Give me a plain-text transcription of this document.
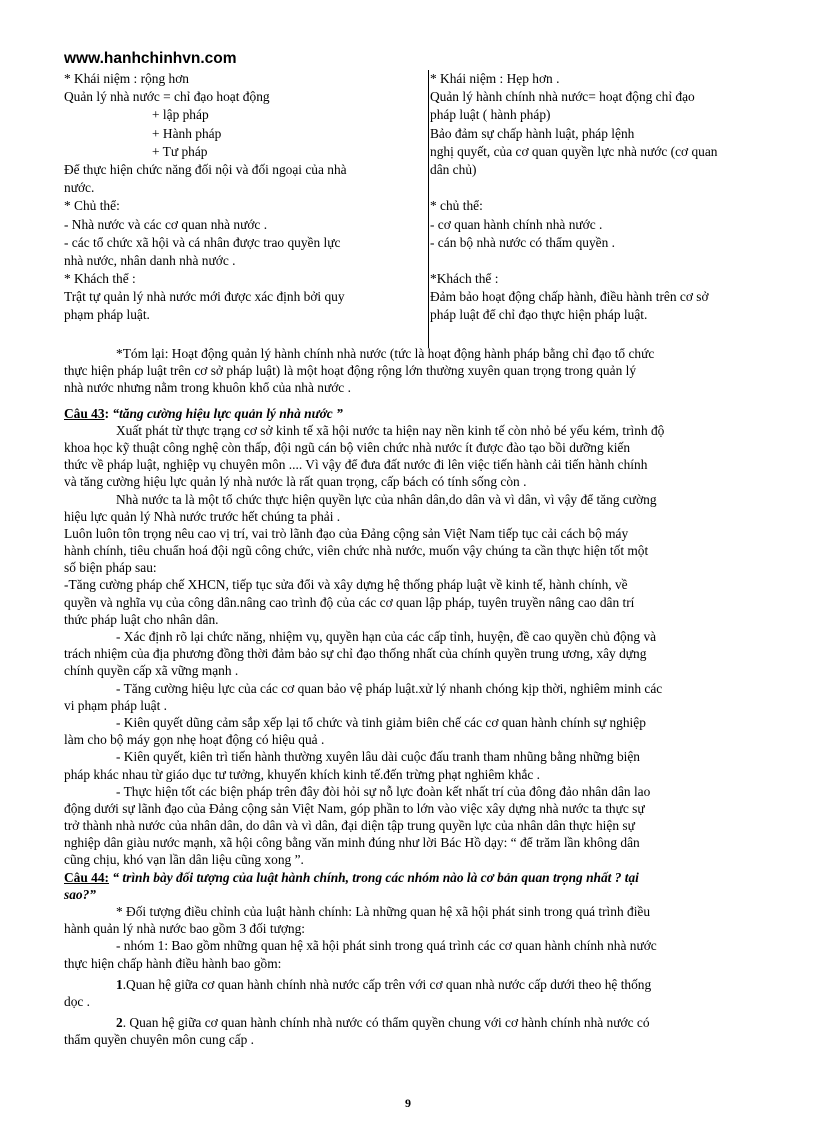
www.hanhchinhvn.com
* Khái niệm : rộng hơn
Quản lý nhà nước = chỉ đạo hoạt động
+ lập pháp
+ Hành pháp
+ Tư pháp
Để thực hiện chức năng đối nội và đối ngoại của nhà
nước.
* Chủ thể:
- Nhà nước và các cơ quan nhà nước .
- các tổ chức xã hội và cá nhân được trao quyền lực
nhà nước, nhân danh nhà nước .
* Khách thể :
Trật tự quản lý nhà nước mới được xác định bởi quy
phạm pháp luật.
* Khái niệm : Hẹp hơn .
Quản lý hành chính nhà nước= hoạt động chỉ đạo
pháp luật ( hành pháp)
Bảo đảm sự chấp hành luật, pháp lệnh
nghị quyết, của cơ quan quyền lực nhà nước (cơ quan
dân chủ)
* chủ thể:
- cơ quan hành chính nhà nước .
- cán bộ nhà nước có thẩm quyền .
*Khách thể :
Đảm bảo hoạt động chấp hành, điều hành trên cơ sở
pháp luật để chỉ đạo thực hiện pháp luật.
*Tóm lại: Hoạt động quản lý hành chính nhà nước (tức là hoạt động hành pháp bằng chỉ đạo tổ chức
thực hiện pháp luật trên cơ sở pháp luật) là một hoạt động rộng lớn thường xuyên quan trọng trong quản lý
nhà nước nhưng nằm trong khuôn khổ của nhà nước .
Câu 43: “tăng cường hiệu lực quản lý nhà nước ”
Xuất phát từ thực trạng cơ sở kinh tế xã hội nước ta hiện nay nền kinh tế còn nhỏ bé yếu kém, trình độ
khoa học kỹ thuật công nghệ còn thấp, đội ngũ cán bộ viên chức nhà nước ít được đào tạo bồi dưỡng kiến
thức về pháp luật, nghiệp vụ chuyên môn .... Vì vậy để đưa đất nước đi lên việc tiến hành cải tiến hành chính
và tăng cường hiệu lực quản lý nhà nước là rất quan trọng, cấp bách có tính sống còn .
Nhà nước ta là một tổ chức thực hiện quyền lực của nhân dân,do dân và vì dân, vì vậy để tăng cường
hiệu lực quản lý Nhà nước trước hết chúng ta phải .
Luôn luôn tôn trọng nêu cao vị trí, vai trò lãnh đạo của Đảng cộng sản Việt Nam tiếp tục cải cách bộ máy
hành chính, tiêu chuẩn hoá đội ngũ công chức, viên chức nhà nước, muốn vậy chúng ta cần thực hiện tốt một
số biện pháp sau:
-Tăng cường pháp chế XHCN, tiếp tục sửa đổi và xây dựng hệ thống pháp luật về kinh tế, hành chính, về
quyền và nghĩa vụ của công dân.nâng cao trình độ của các cơ quan lập pháp, tuyên truyền nâng cao dân trí
thức pháp luật cho nhân dân.
- Xác định rõ lại chức năng, nhiệm vụ, quyền hạn của các cấp tỉnh, huyện, đề cao quyền chủ động và
trách nhiệm của địa phương đồng thời đảm bảo sự chỉ đạo thống nhất của chính quyền trung ương, xây dựng
chính quyền cấp xã vững mạnh .
- Tăng cường hiệu lực của các cơ quan bảo vệ pháp luật.xử lý nhanh chóng kịp thời, nghiêm minh các
vi phạm pháp luật .
- Kiên quyết dũng cảm sắp xếp lại tổ chức và tinh giảm biên chế các cơ quan hành chính sự nghiệp
làm cho bộ máy gọn nhẹ hoạt động có hiệu quả .
- Kiên quyết, kiên trì tiến hành thường xuyên lâu dài cuộc đấu tranh tham nhũng bằng những biện
pháp khác nhau từ giáo dục tư tưởng, khuyến khích kinh tế.đến trừng phạt nghiêm khắc .
- Thực hiện tốt các biện pháp trên đây đòi hỏi sự nỗ lực đoàn kết nhất trí của đông đảo nhân dân lao
động dưới sự lãnh đạo của Đảng cộng sản Việt Nam, góp phần to lớn vào việc xây dựng nhà nước ta thực sự
trở thành nhà nước của nhân dân, do dân và vì dân, đại diện tập trung quyền lực của nhân dân thực hiện sự
nghiệp dân giàu nước mạnh, xã hội công bằng văn minh đúng như lời Bác Hồ dạy: “ để trăm lần không dân
cũng chịu, khó vạn lần dân liệu cũng xong ”.
Câu 44: “ trình bày đối tượng của luật hành chính, trong các nhóm nào là cơ bản quan trọng nhất ? tại
sao?”
* Đối tượng điều chỉnh của luật hành chính: Là những quan hệ xã hội phát sinh trong quá trình điều
hành quản lý nhà nước bao gồm 3 đối tượng:
- nhóm 1: Bao gồm những quan hệ xã hội phát sinh trong quá trình các cơ quan hành chính nhà nước
thực hiện chấp hành điều hành bao gồm:
1.Quan hệ giữa cơ quan hành chính nhà nước cấp trên với cơ quan nhà nước cấp dưới theo hệ thống
dọc .
2. Quan hệ giữa cơ quan hành chính nhà nước có thẩm quyền chung với cơ hành chính nhà nước có
thẩm quyền chuyên môn cung cấp .
9
